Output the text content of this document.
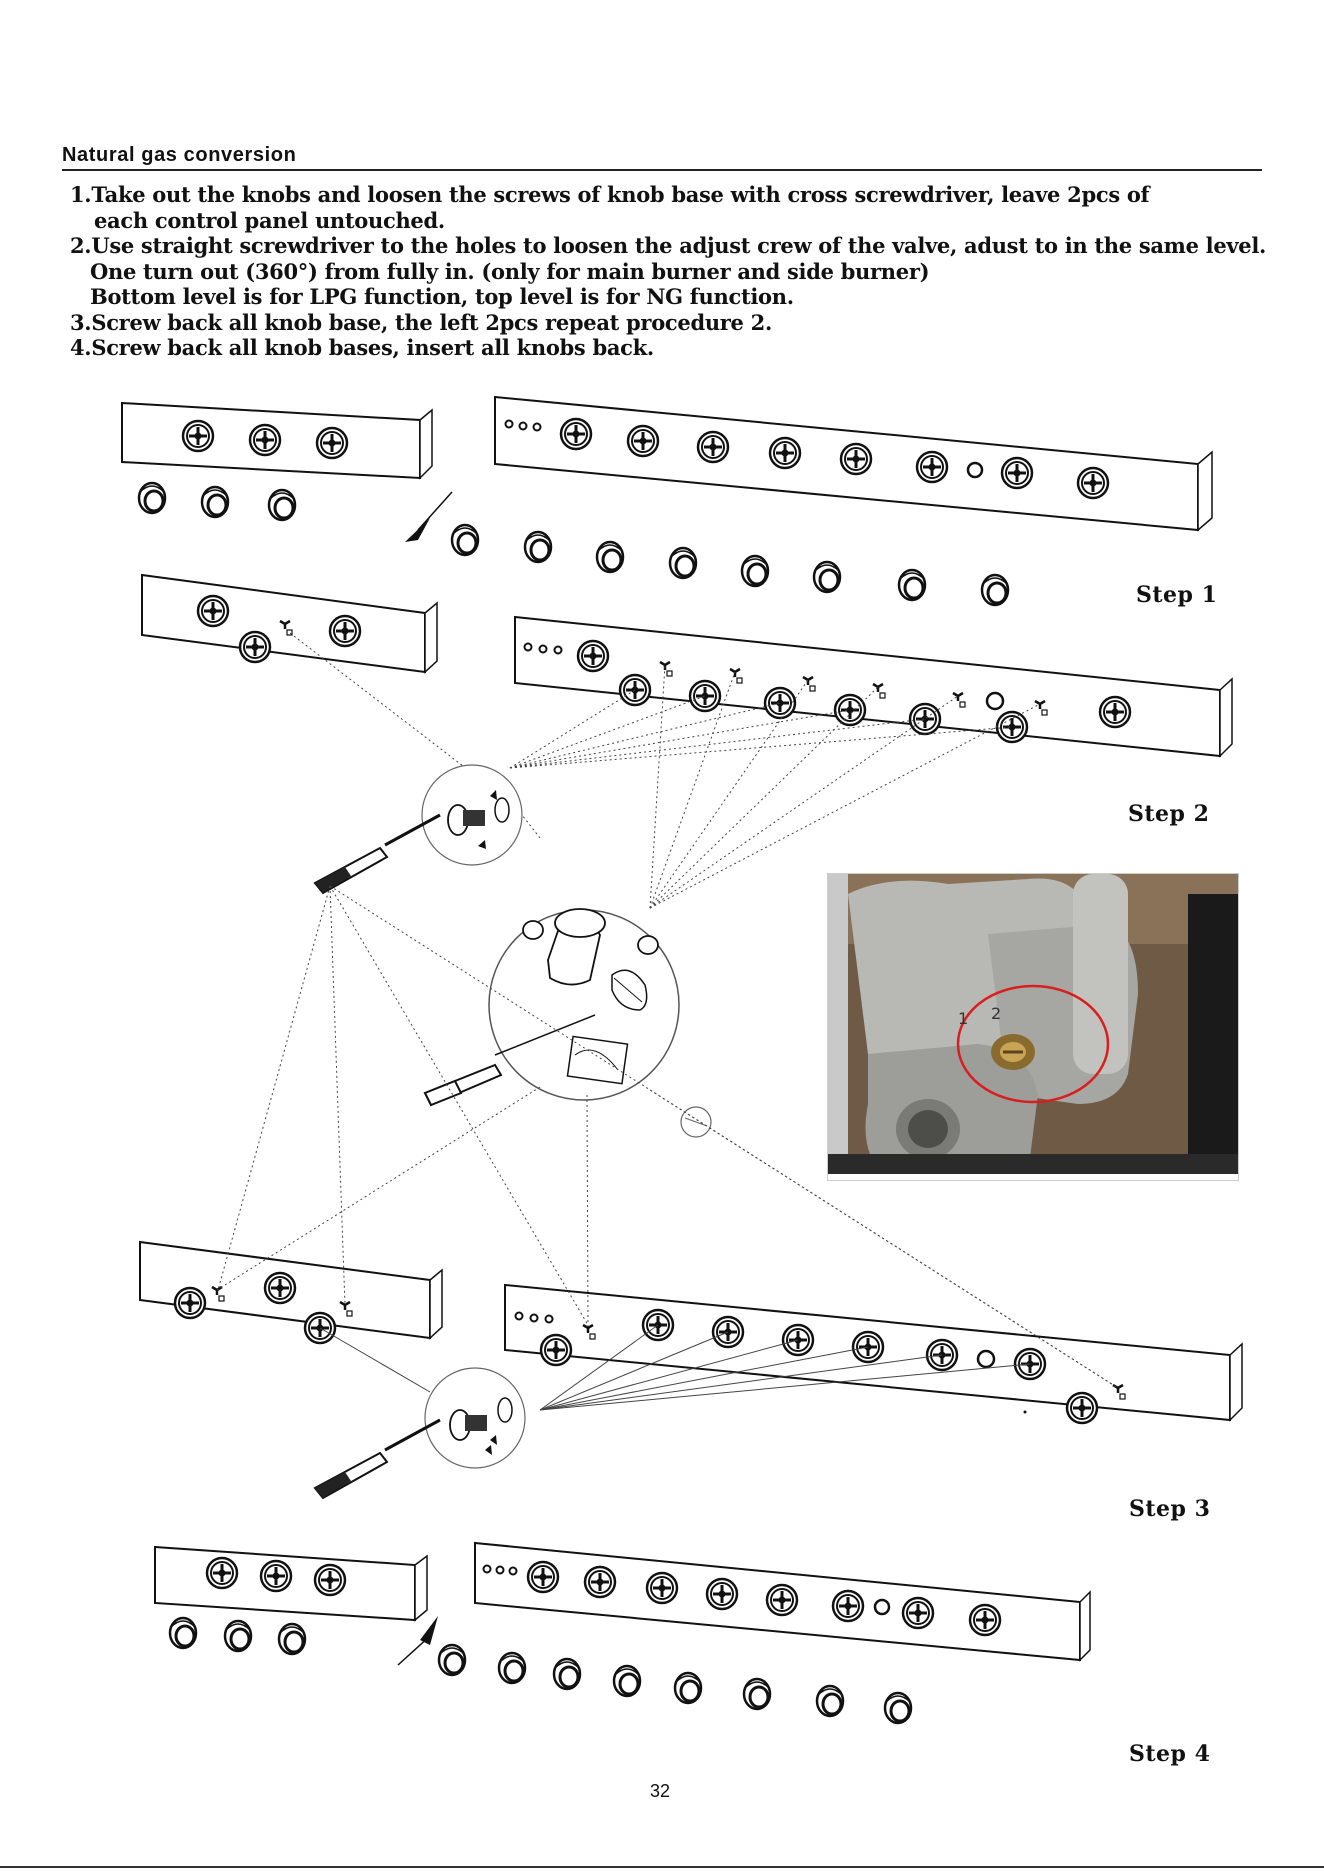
Natural gas conversion
1.Take out the knobs and loosen the screws of knob base with cross screwdriver, leave 2pcs of
each control panel untouched.
2.Use straight screwdriver to the holes to loosen the adjust crew of the valve, adust to in the same level.
One turn out (360°) from fully in. (only for main burner and side burner)
Bottom level is for LPG function, top level is for NG function.
3.Screw back all knob base, the left 2pcs repeat procedure 2.
4.Screw back all knob bases, insert all knobs back.
1 2
Step 1
Step 2
Step 3
Step 4
32
